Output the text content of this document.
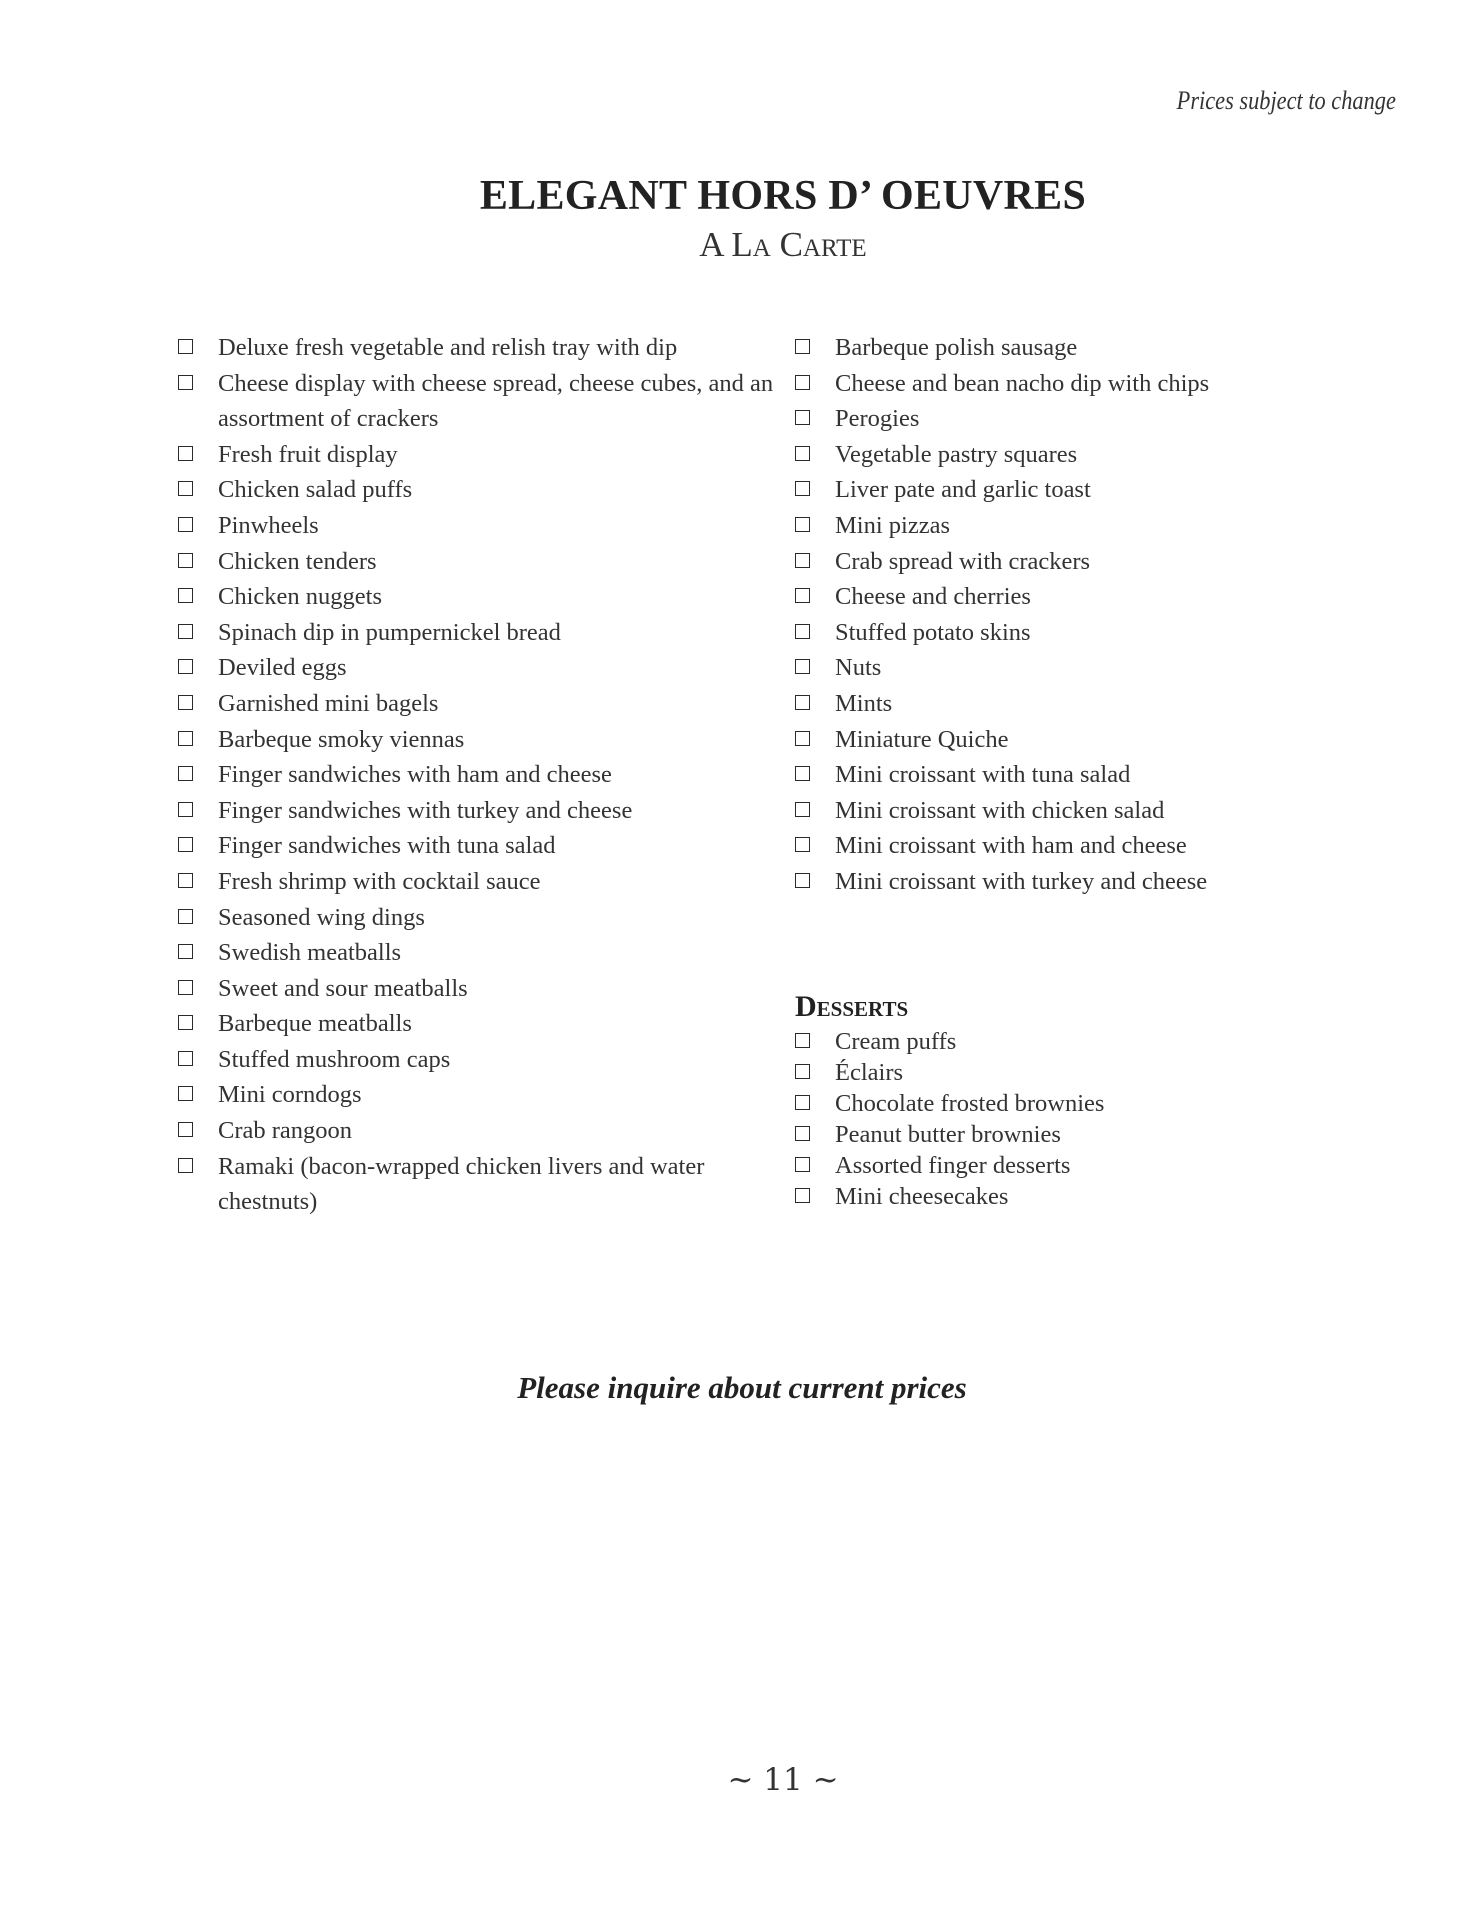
Prices subject to change
ELEGANT HORS D’ OEUVRES
A La Carte
Deluxe fresh vegetable and relish tray with dip
Cheese display with cheese spread, cheese cubes, and an assortment of crackers
Fresh fruit display
Chicken salad puffs
Pinwheels
Chicken tenders
Chicken nuggets
Spinach dip in pumpernickel bread
Deviled eggs
Garnished mini bagels
Barbeque smoky viennas
Finger sandwiches with ham and cheese
Finger sandwiches with turkey and cheese
Finger sandwiches with tuna salad
Fresh shrimp with cocktail sauce
Seasoned wing dings
Swedish meatballs
Sweet and sour meatballs
Barbeque meatballs
Stuffed mushroom caps
Mini corndogs
Crab rangoon
Ramaki (bacon-wrapped chicken livers and water chestnuts)
Barbeque polish sausage
Cheese and bean nacho dip with chips
Perogies
Vegetable pastry squares
Liver pate and garlic toast
Mini pizzas
Crab spread with crackers
Cheese and cherries
Stuffed potato skins
Nuts
Mints
Miniature Quiche
Mini croissant with tuna salad
Mini croissant with chicken salad
Mini croissant with ham and cheese
Mini croissant with turkey and cheese
Desserts
Cream puffs
Éclairs
Chocolate frosted brownies
Peanut butter brownies
Assorted finger desserts
Mini cheesecakes
Please inquire about current prices
~ 11 ~
